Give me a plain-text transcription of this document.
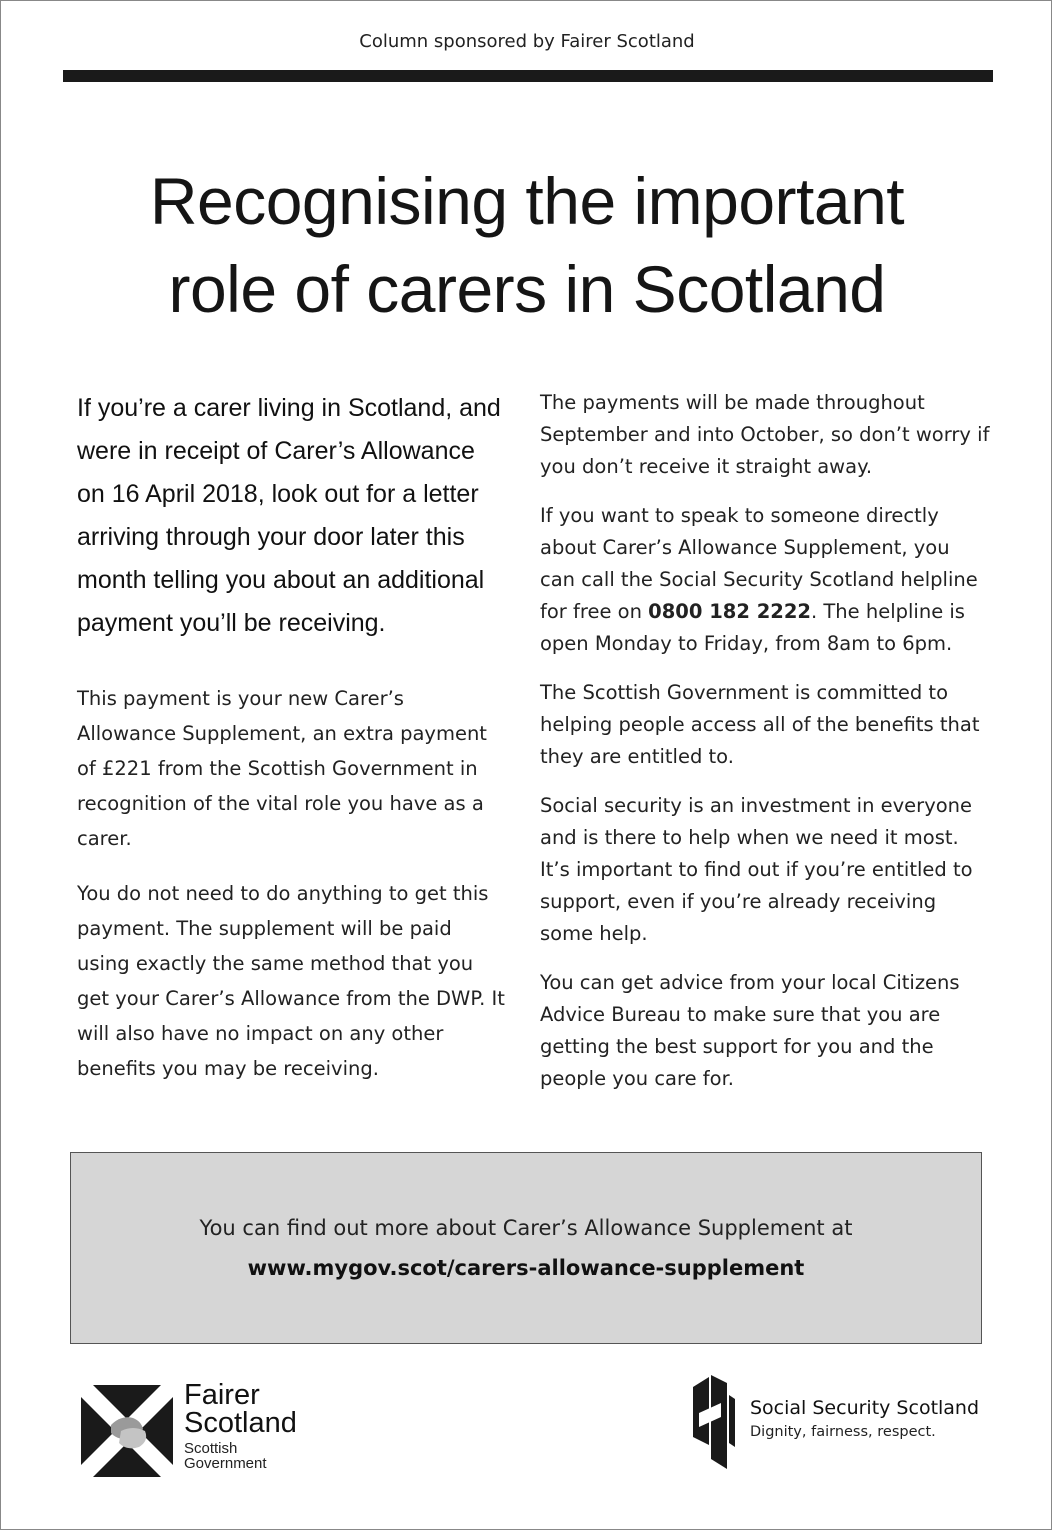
Column sponsored by Fairer Scotland
Recognising the important
role of carers in Scotland

If you’re a carer living in Scotland, and were in receipt of Carer’s Allowance on 16 April 2018, look out for a letter arriving through your door later this month telling you about an additional payment you’ll be receiving.

This payment is your new Carer’s Allowance Supplement, an extra payment of £221 from the Scottish Government in recognition of the vital role you have as a carer.

You do not need to do anything to get this payment. The supplement will be paid using exactly the same method that you get your Carer’s Allowance from the DWP. It will also have no impact on any other benefits you may be receiving.

The payments will be made throughout September and into October, so don’t worry if you don’t receive it straight away.

If you want to speak to someone directly about Carer’s Allowance Supplement, you can call the Social Security Scotland helpline for free on 0800 182 2222. The helpline is open Monday to Friday, from 8am to 6pm.

The Scottish Government is committed to helping people access all of the benefits that they are entitled to.

Social security is an investment in everyone and is there to help when we need it most. It’s important to find out if you’re entitled to support, even if you’re already receiving some help.

You can get advice from your local Citizens Advice Bureau to make sure that you are getting the best support for you and the people you care for.

You can find out more about Carer’s Allowance Supplement at

www.mygov.scot/carers-allowance-supplement

Fairer
Scotland
Scottish
Government
Social Security Scotland
Dignity, fairness, respect.
